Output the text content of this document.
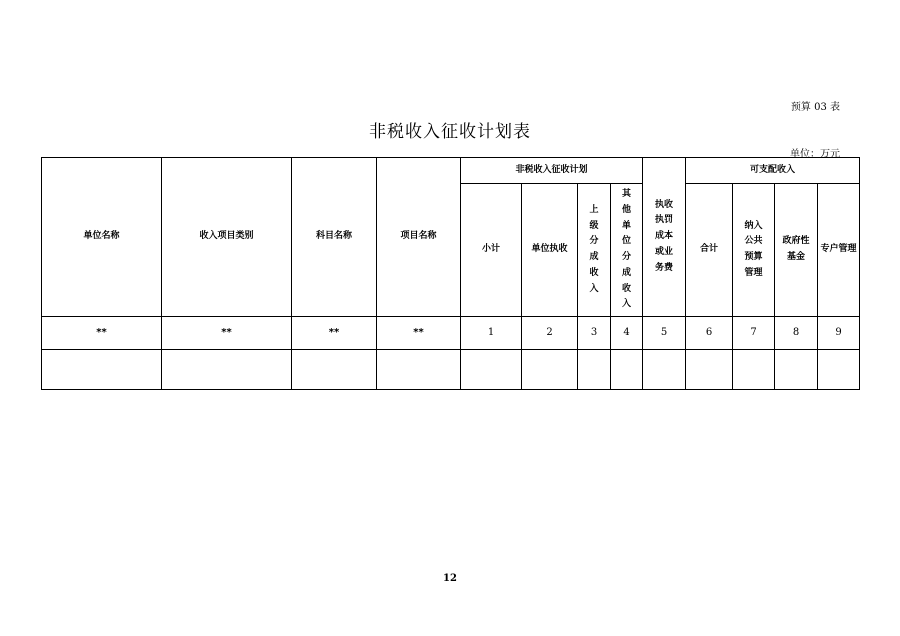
预算 03 表
非税收入征收计划表
单位：万元
单位名称	收入项目类别	科目名称	项目名称	非税收入征收计划				执收执罚成本或业务费	可支配收入			
				小计	单位执收	上级分成收入	其他单位分成收入		合计	纳入公共预算管理	政府性基金	专户管理
**	**	**	**	1	2	3	4	5	6	7	8	9

12
